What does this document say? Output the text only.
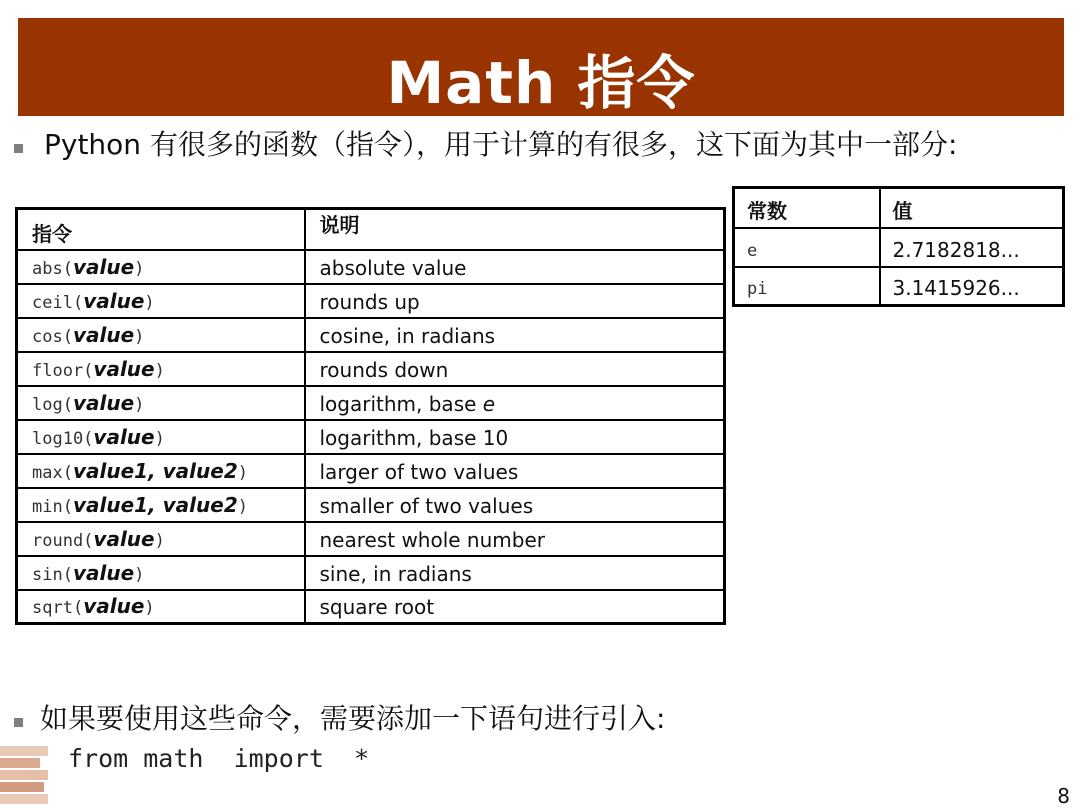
Math 指令
Python 有很多的函数（指令），用于计算的有很多，这下面为其中一部分:
指令	说明
abs(value)	absolute value
ceil(value)	rounds up
cos(value)	cosine, in radians
floor(value)	rounds down
log(value)	logarithm, base e
log10(value)	logarithm, base 10
max(value1, value2)	larger of two values
min(value1, value2)	smaller of two values
round(value)	nearest whole number
sin(value)	sine, in radians
sqrt(value)	square root
常数	值
e	2.7182818...
pi	3.1415926...
如果要使用这些命令，需要添加一下语句进行引入:
from math  import  *
8
